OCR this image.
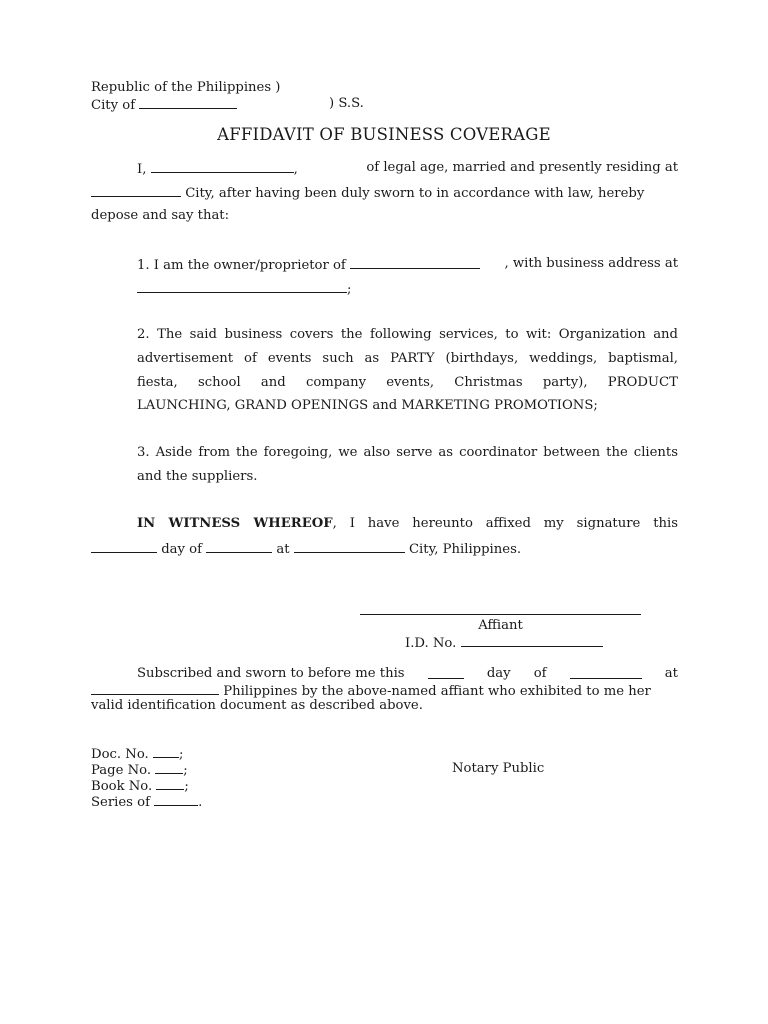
Republic of the Philippines )
City of	) S.S.
AFFIDAVIT OF BUSINESS COVERAGE
I,	,	of legal age, married and presently residing at
City, after having been duly sworn to in accordance with law, hereby
depose and say that:
1. I am the owner/proprietor of	, with business address at
;
2. The said business covers the following services, to wit: Organization and
advertisement of events such as PARTY (birthdays, weddings, baptismal,
fiesta, school and company events, Christmas party), PRODUCT
LAUNCHING, GRAND OPENINGS and MARKETING PROMOTIONS;
3. Aside from the foregoing, we also serve as coordinator between the clients
and the suppliers.
IN WITNESS WHEREOF, I have hereunto affixed my signature this
day of	at	City, Philippines.
Affiant
I.D. No.
Subscribed and sworn to before me this	day of	at
Philippines by the above-named affiant who exhibited to me her
valid identification document as described above.
Doc. No. ;
Page No. ;
Book No. ;
Series of	.
Notary Public
